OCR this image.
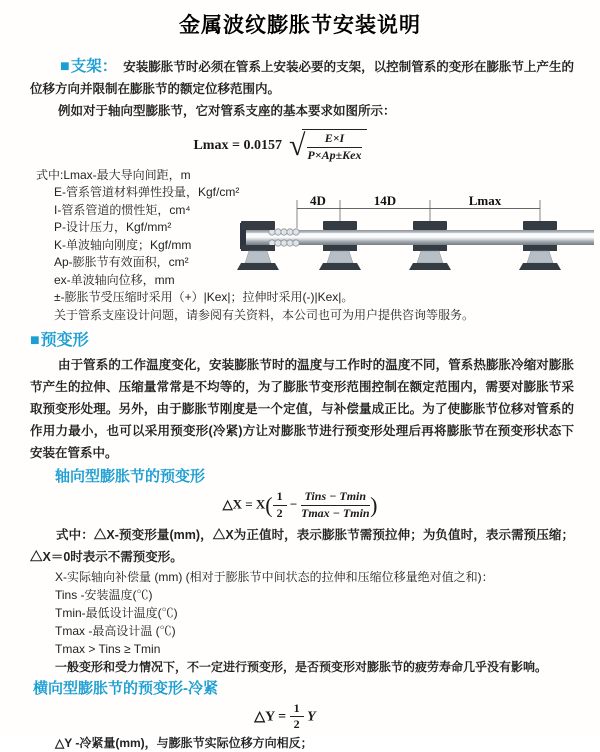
金属波纹膨胀节安装说明

■支架： 安装膨胀节时必须在管系上安装必要的支架，以控制管系的变形在膨胀节上产生的位移方向并限制在膨胀节的额定位移范围内。

例如对于轴向型膨胀节，它对管系支座的基本要求如图所示：

Lmax = 0.0157 √ $\frac{E\times I}{\text{P×Ap±Kex}}$
式中:Lmax-最大导向间距，m
E-管系管道材料弹性投量，Kgf/cm²
I-管系管道的惯性矩，cm⁴
P-设计压力，Kgf/mm²
K-单波轴向刚度；Kgf/mm
Ap-膨胀节有效面积，cm²
ex-单波轴向位移，mm
±-膨胀节受压缩时采用（+）|Kex|；拉伸时采用(-)|Kex|。
关于管系支座设计问题，请参阅有关资料，本公司也可为用户提供咨询等服务。
4D	14D	Lmax
■预变形

由于管系的工作温度变化，安装膨胀节时的温度与工作时的温度不同，管系热膨胀冷缩对膨胀节产生的拉伸、压缩量常常是不均等的，为了膨胀节变形范围控制在额定范围内，需要对膨胀节采取预变形处理。另外，由于膨胀节刚度是一个定值，与补偿量成正比。为了使膨胀节位移对管系的作用力最小，也可以采用预变形(冷紧)方让对膨胀节进行预变形处理后再将膨胀节在预变形状态下安装在管系中。

轴向型膨胀节的预变形
△X = $X( \frac{1}{2} - \frac{\text{Tins − Tmin}}{Tmax - Tmin}$ )

式中：△X-预变形量(mm)，△X为正值时，表示膨胀节需预拉伸；为负值时，表示需预压缩；△X＝0时表示不需预变形。

X-实际轴向补偿量 (mm) (相对于膨胀节中间状态的拉伸和压缩位移量绝对值之和)：
Tins -安装温度(℃)
Tmin-最低设计温度(℃)
Tmax -最高设计温 (℃)
Tmax > Tins ≥ Tmin
一般变形和受力情况下，不一定进行预变形，是否预变形对膨胀节的疲劳寿命几乎没有影响。
横向型膨胀节的预变形-冷紧
△Y = $\frac{1}{2}$ Y
△Y -冷紧量(mm)，与膨胀节实际位移方向相反；
